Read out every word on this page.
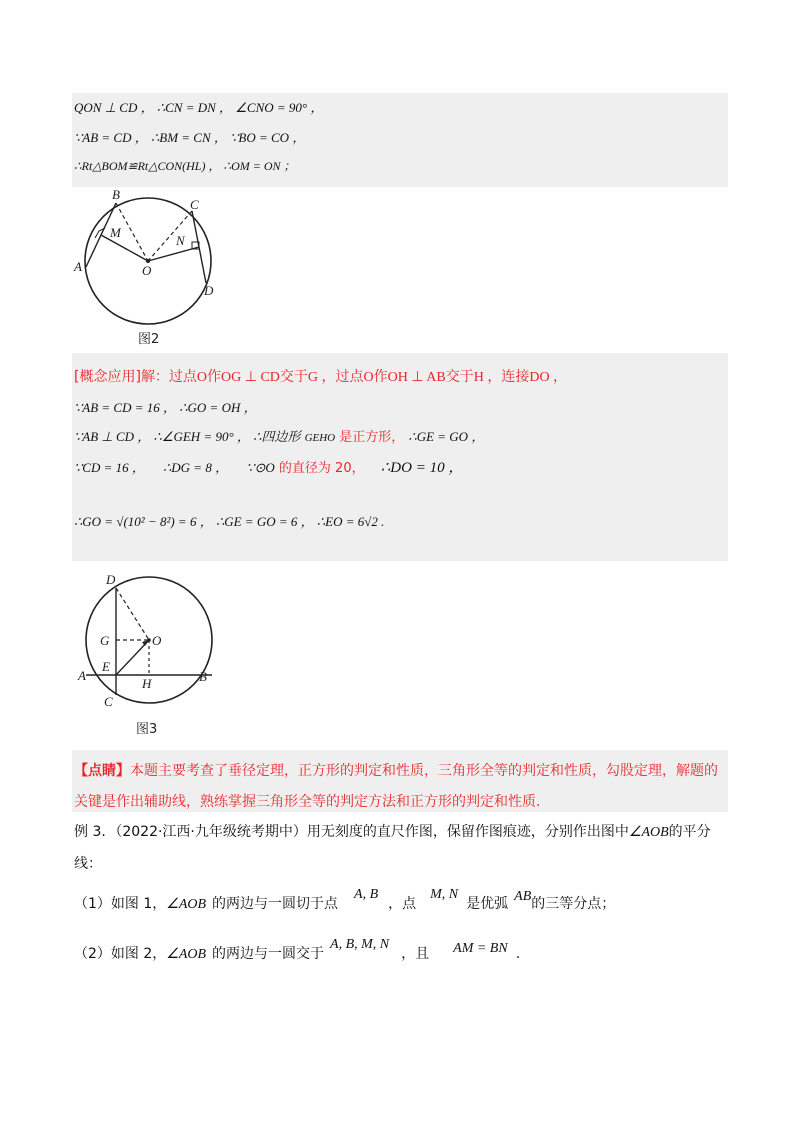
QON ⊥ CD ， ∴CN = DN ， ∠CNO = 90° ，
∵AB = CD ， ∴BM = CN ， ∵BO = CO ，
∴Rt△BOM≌Rt△CON(HL) ， ∴OM = ON ；
A
B
C
D
M
N
O
图2
[概念应用]解：过点O作OG ⊥ CD交于G ，过点O作OH ⊥ AB交于H ，连接DO ，
∵AB = CD = 16 ， ∴GO = OH ，
∵AB ⊥ CD ， ∴∠GEH = 90° ， ∴四边形 GEHO 是正方形， ∴GE = GO ，
∵CD = 16 ， ∴DG = 8 ， ∵⊙O 的直径为 20， ∴DO = 10 ，
∴GO = √(10² − 8²) = 6 ， ∴GE = GO = 6 ， ∴EO = 6√2 .
D
G	O
E
A	B
H
C
图3
【点睛】本题主要考查了垂径定理，正方形的判定和性质，三角形全等的判定和性质，勾股定理，解题的
关键是作出辅助线，熟练掌握三角形全等的判定方法和正方形的判定和性质.
例 3．（2022·江西·九年级统考期中）用无刻度的直尺作图，保留作图痕迹，分别作出图中∠AOB的平分
线：
（1）如图 1，∠AOB 的两边与一圆切于点A, B，点M, N是优弧 AB的三等分点；
（2）如图 2，∠AOB 的两边与一圆交于A, B, M, N，且 AM = BN .
